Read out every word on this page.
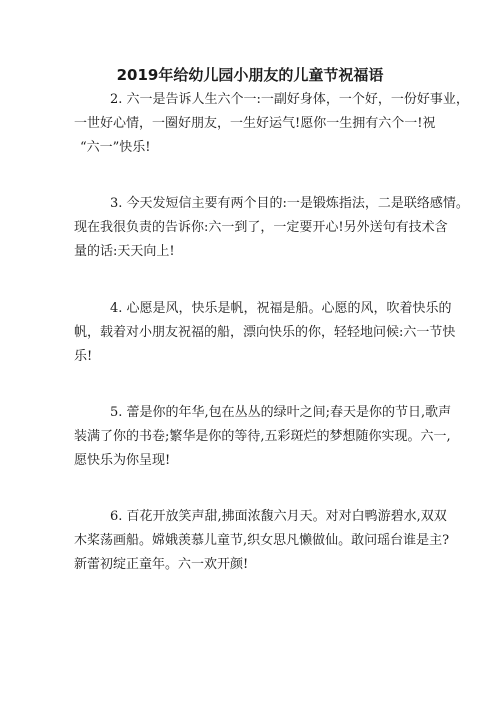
2019年给幼儿园小朋友的儿童节祝福语
2. 六一是告诉人生六个一:一副好身体，一个好，一份好事业，
一世好心情，一圈好朋友，一生好运气!愿你一生拥有六个一!祝
“六一”快乐!
3. 今天发短信主要有两个目的:一是锻炼指法，二是联络感情。
现在我很负责的告诉你:六一到了，一定要开心!另外送句有技术含
量的话:天天向上!
4. 心愿是风，快乐是帆，祝福是船。心愿的风，吹着快乐的
帆，载着对小朋友祝福的船，漂向快乐的你，轻轻地问候:六一节快
乐!
5. 蕾是你的年华,包在丛丛的绿叶之间;春天是你的节日,歌声
装满了你的书卷;繁华是你的等待,五彩斑烂的梦想随你实现。六一,
愿快乐为你呈现!
6. 百花开放笑声甜,拂面浓馥六月天。对对白鸭游碧水,双双
木桨荡画船。嫦娥羡慕儿童节,织女思凡懒做仙。敢问瑶台谁是主?
新蕾初绽正童年。六一欢开颜!
